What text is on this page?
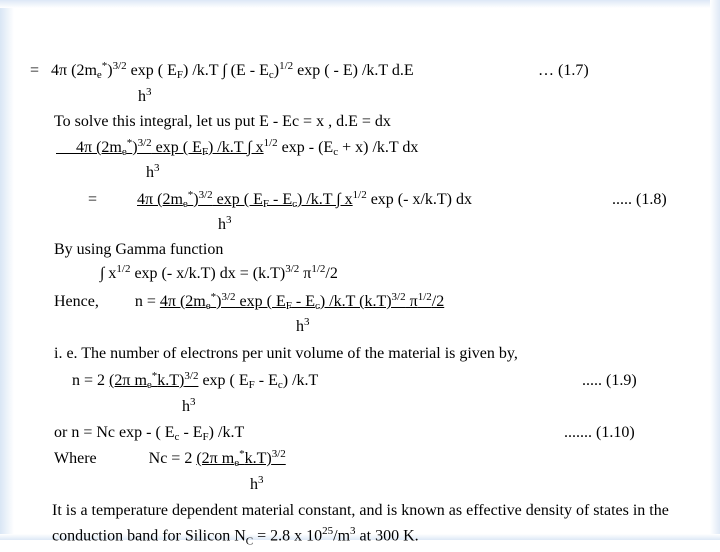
= 4π $(2m_e^*)^{3/2}$ exp ( $E_F$) /k.T ∫ $(E - E_c)^{1/2}$ exp ( - E) /k.T d.E	… (1.7)
$h^3$
To solve this integral, let us put E - Ec = x , d.E = dx
4π $(2m_e^*)^{3/2}$ exp ( $E_F$) /k.T ∫ $x^{1/2}$ $\exp - (E_c + x)$ /k.T dx
$h^3$
=	4π $(2m_e^*)^{3/2}$ exp ( $E_F - E_c$) /k.T ∫ $x^{1/2}$ exp (- x/k.T) dx	..... (1.8)
$h^3$
By using Gamma function
∫ $x^{1/2}$ exp (- x/k.T) dx = $(k.T)^{3/2}$ $\pi^{1/2}/2$
Hence, n = 4π $(2m_e^*)^{3/2}$ exp ( $E_F - E_c$) /k.T $(k.T)^{3/2}$ $\pi^{1/2}/2$
$h^3$
i. e. The number of electrons per unit volume of the material is given by,
n = 2 (2π $m_e^*k.T)^{3/2}$ exp ( $E_F - E_c$) /k.T	..... (1.9)
$h^3$
or n = Nc exp - ( $E_c - E_F$) /k.T	....... (1.10)
Where	Nc = 2 (2π $m_e^*k.T)^{3/2}$
$h^3$
It is a temperature dependent material constant, and is known as effective density of states in the conduction band for Silicon $N_C = 2.8$ x $10^{25}/m^3$ at 300 K.
